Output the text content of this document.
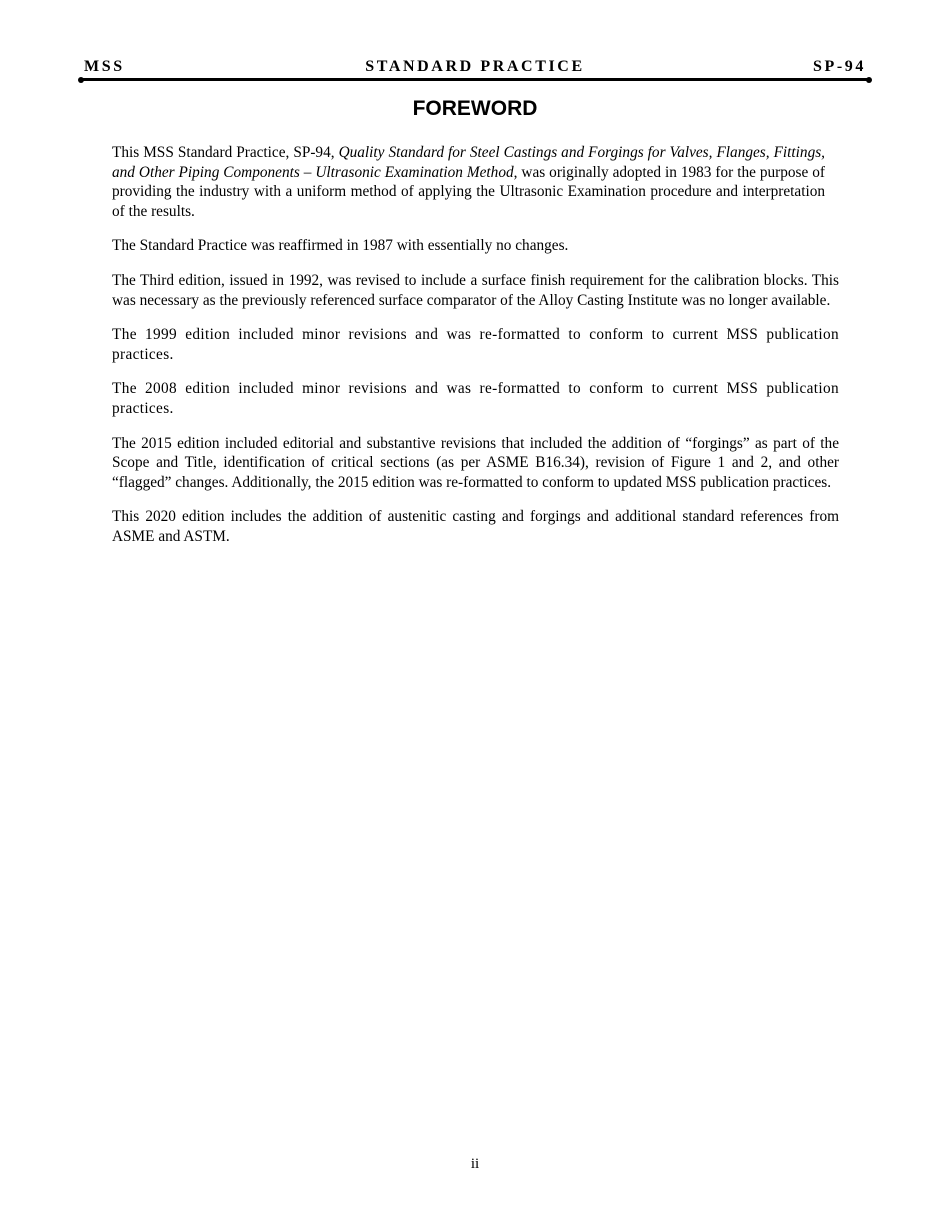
MSS	STANDARD PRACTICE	SP-94
FOREWORD

This MSS Standard Practice, SP-94, Quality Standard for Steel Castings and Forgings for Valves, Flanges, Fittings, and Other Piping Components – Ultrasonic Examination Method, was originally adopted in 1983 for the purpose of providing the industry with a uniform method of applying the Ultrasonic Examination procedure and interpretation of the results.

The Standard Practice was reaffirmed in 1987 with essentially no changes.

The Third edition, issued in 1992, was revised to include a surface finish requirement for the calibration blocks. This was necessary as the previously referenced surface comparator of the Alloy Casting Institute was no longer available.

The 1999 edition included minor revisions and was re-formatted to conform to current MSS publication practices.

The 2008 edition included minor revisions and was re-formatted to conform to current MSS publication practices.

The 2015 edition included editorial and substantive revisions that included the addition of “forgings” as part of the Scope and Title, identification of critical sections (as per ASME B16.34), revision of Figure 1 and 2, and other “flagged” changes. Additionally, the 2015 edition was re-formatted to conform to updated MSS publication practices.

This 2020 edition includes the addition of austenitic casting and forgings and additional standard references from ASME and ASTM.

ii
